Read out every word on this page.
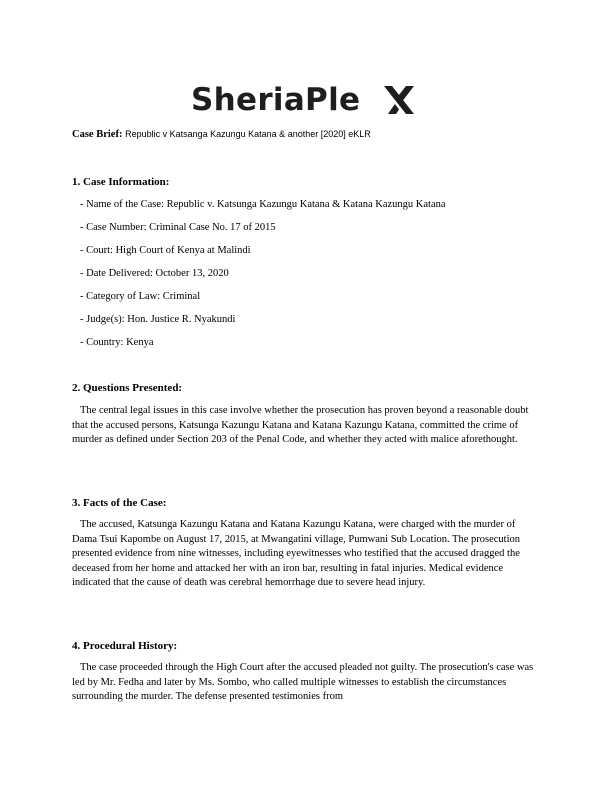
SheriaPle
Case Brief: Republic v Katsanga Kazungu Katana & another [2020] eKLR
1. Case Information:
- Name of the Case: Republic v. Katsunga Kazungu Katana & Katana Kazungu Katana
- Case Number: Criminal Case No. 17 of 2015
- Court: High Court of Kenya at Malindi
- Date Delivered: October 13, 2020
- Category of Law: Criminal
- Judge(s): Hon. Justice R. Nyakundi
- Country: Kenya
2. Questions Presented:

The central legal issues in this case involve whether the prosecution has proven beyond a reasonable doubt that the accused persons, Katsunga Kazungu Katana and Katana Kazungu Katana, committed the crime of murder as defined under Section 203 of the Penal Code, and whether they acted with malice aforethought.

3. Facts of the Case:

The accused, Katsunga Kazungu Katana and Katana Kazungu Katana, were charged with the murder of Dama Tsui Kapombe on August 17, 2015, at Mwangatini village, Pumwani Sub Location. The prosecution presented evidence from nine witnesses, including eyewitnesses who testified that the accused dragged the deceased from her home and attacked her with an iron bar, resulting in fatal injuries. Medical evidence indicated that the cause of death was cerebral hemorrhage due to severe head injury.

4. Procedural History:

The case proceeded through the High Court after the accused pleaded not guilty. The prosecution's case was led by Mr. Fedha and later by Ms. Sombo, who called multiple witnesses to establish the circumstances surrounding the murder. The defense presented testimonies from
